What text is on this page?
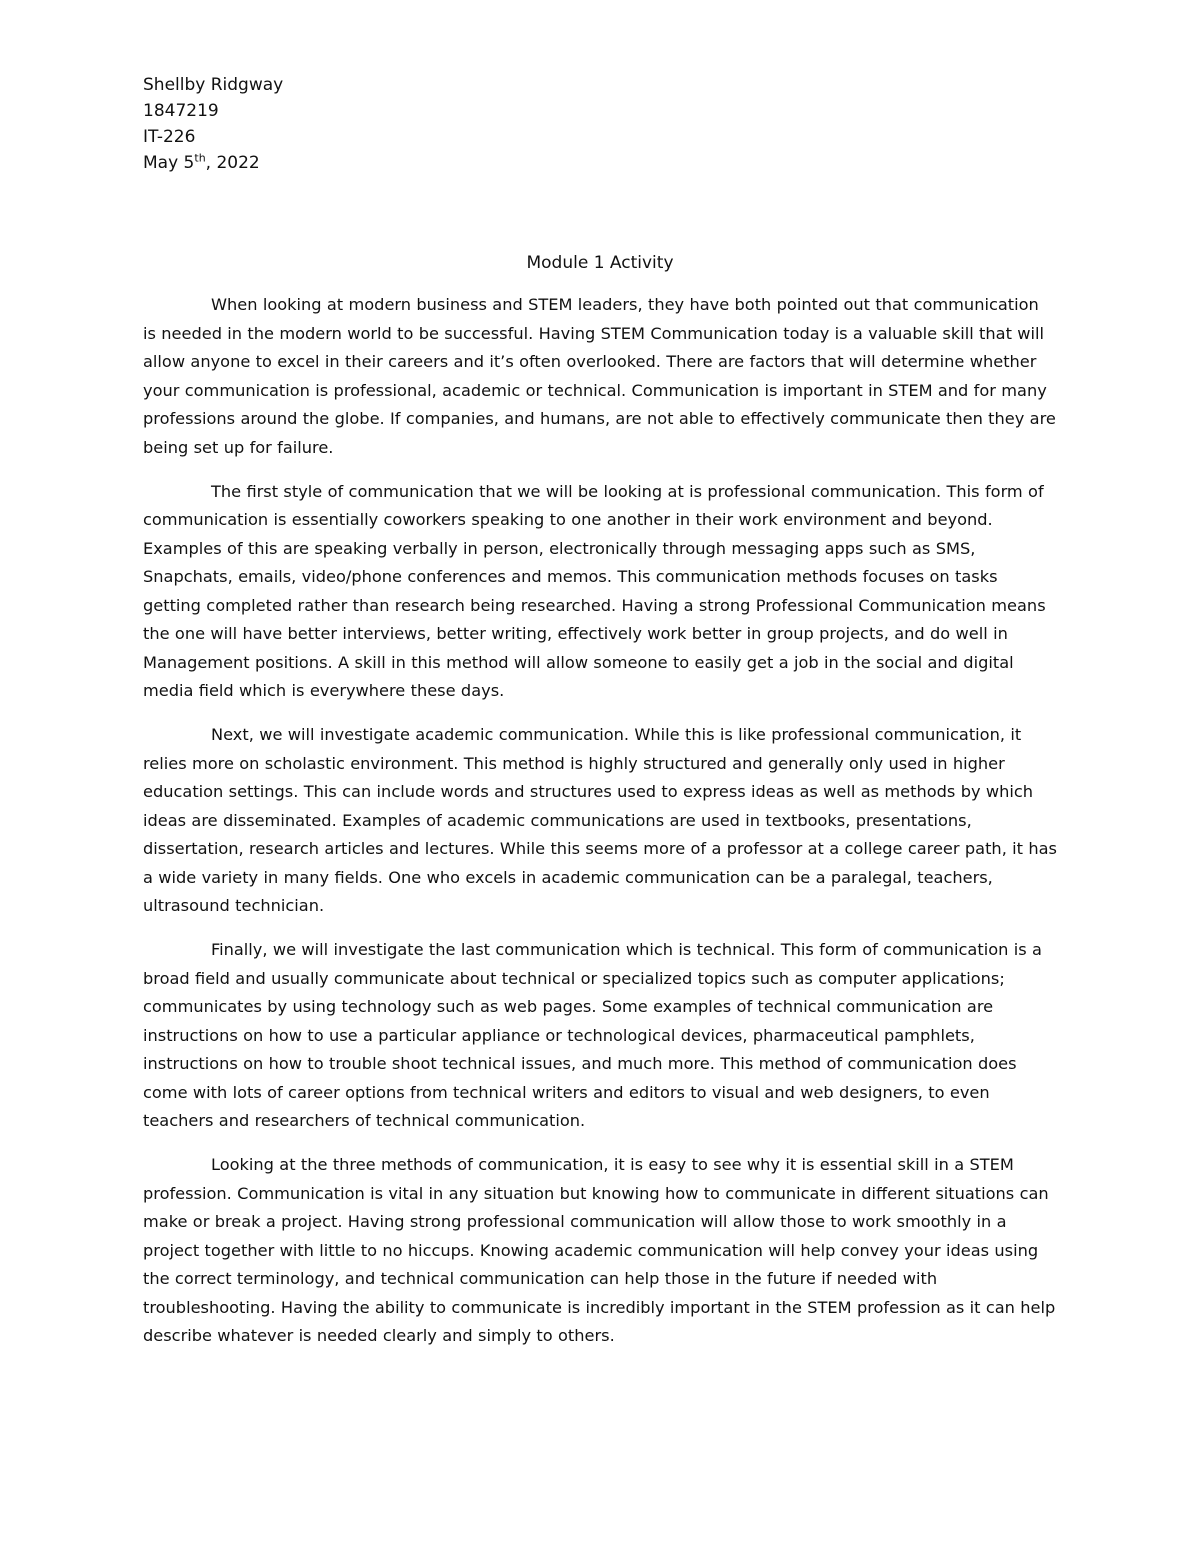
Shellby Ridgway
1847219
IT-226
May 5th, 2022
Module 1 Activity

When looking at modern business and STEM leaders, they have both pointed out that communication is needed in the modern world to be successful. Having STEM Communication today is a valuable skill that will allow anyone to excel in their careers and it’s often overlooked. There are factors that will determine whether your communication is professional, academic or technical. Communication is important in STEM and for many professions around the globe. If companies, and humans, are not able to effectively communicate then they are being set up for failure.

The first style of communication that we will be looking at is professional communication. This form of communication is essentially coworkers speaking to one another in their work environment and beyond. Examples of this are speaking verbally in person, electronically through messaging apps such as SMS, Snapchats, emails, video/phone conferences and memos. This communication methods focuses on tasks getting completed rather than research being researched. Having a strong Professional Communication means the one will have better interviews, better writing, effectively work better in group projects, and do well in Management positions. A skill in this method will allow someone to easily get a job in the social and digital media field which is everywhere these days.

Next, we will investigate academic communication. While this is like professional communication, it relies more on scholastic environment. This method is highly structured and generally only used in higher education settings. This can include words and structures used to express ideas as well as methods by which ideas are disseminated. Examples of academic communications are used in textbooks, presentations, dissertation, research articles and lectures. While this seems more of a professor at a college career path, it has a wide variety in many fields. One who excels in academic communication can be a paralegal, teachers, ultrasound technician.

Finally, we will investigate the last communication which is technical. This form of communication is a broad field and usually communicate about technical or specialized topics such as computer applications; communicates by using technology such as web pages. Some examples of technical communication are instructions on how to use a particular appliance or technological devices, pharmaceutical pamphlets, instructions on how to trouble shoot technical issues, and much more. This method of communication does come with lots of career options from technical writers and editors to visual and web designers, to even teachers and researchers of technical communication.

Looking at the three methods of communication, it is easy to see why it is essential skill in a STEM profession. Communication is vital in any situation but knowing how to communicate in different situations can make or break a project. Having strong professional communication will allow those to work smoothly in a project together with little to no hiccups. Knowing academic communication will help convey your ideas using the correct terminology, and technical communication can help those in the future if needed with troubleshooting. Having the ability to communicate is incredibly important in the STEM profession as it can help describe whatever is needed clearly and simply to others.
